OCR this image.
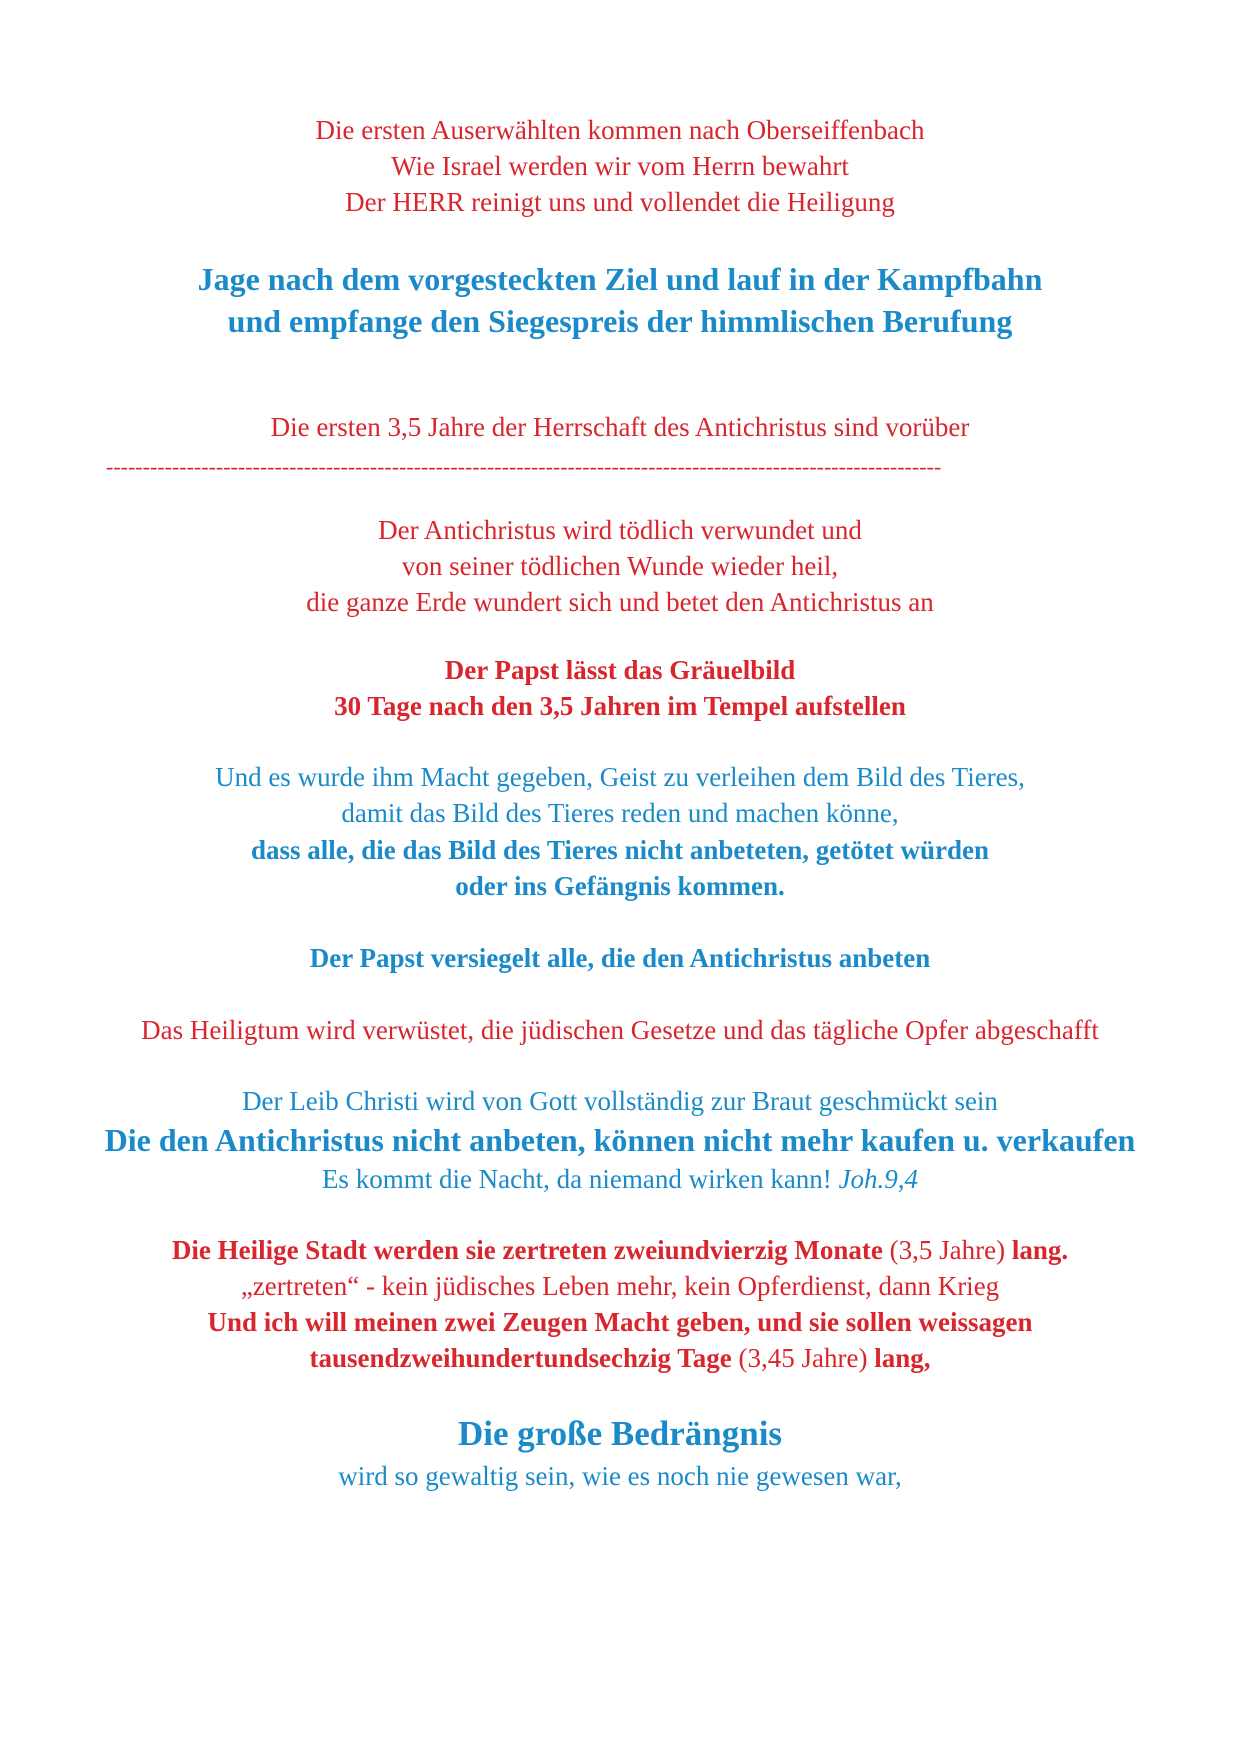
Die ersten Auserwählten kommen nach Oberseiffenbach
Wie Israel werden wir vom Herrn bewahrt
Der HERR reinigt uns und vollendet die Heiligung
Jage nach dem vorgesteckten Ziel und lauf in der Kampfbahn
und empfange den Siegespreis der himmlischen Berufung
Die ersten 3,5 Jahre der Herrschaft des Antichristus sind vorüber
------------------------------------------------------------------------------------------------------------------
Der Antichristus wird tödlich verwundet und
von seiner tödlichen Wunde wieder heil,
die ganze Erde wundert sich und betet den Antichristus an
Der Papst lässt das Gräuelbild
30 Tage nach den 3,5 Jahren im Tempel aufstellen
Und es wurde ihm Macht gegeben, Geist zu verleihen dem Bild des Tieres,
damit das Bild des Tieres reden und machen könne,
dass alle, die das Bild des Tieres nicht anbeteten, getötet würden
oder ins Gefängnis kommen.
Der Papst versiegelt alle, die den Antichristus anbeten
Das Heiligtum wird verwüstet, die jüdischen Gesetze und das tägliche Opfer abgeschafft
Der Leib Christi wird von Gott vollständig zur Braut geschmückt sein
Die den Antichristus nicht anbeten, können nicht mehr kaufen u. verkaufen
Es kommt die Nacht, da niemand wirken kann! Joh.9,4
Die Heilige Stadt werden sie zertreten zweiundvierzig Monate (3,5 Jahre) lang.
„zertreten“ - kein jüdisches Leben mehr, kein Opferdienst, dann Krieg
Und ich will meinen zwei Zeugen Macht geben, und sie sollen weissagen
tausendzweihundertundsechzig Tage (3,45 Jahre) lang,
Die große Bedrängnis
wird so gewaltig sein, wie es noch nie gewesen war,
